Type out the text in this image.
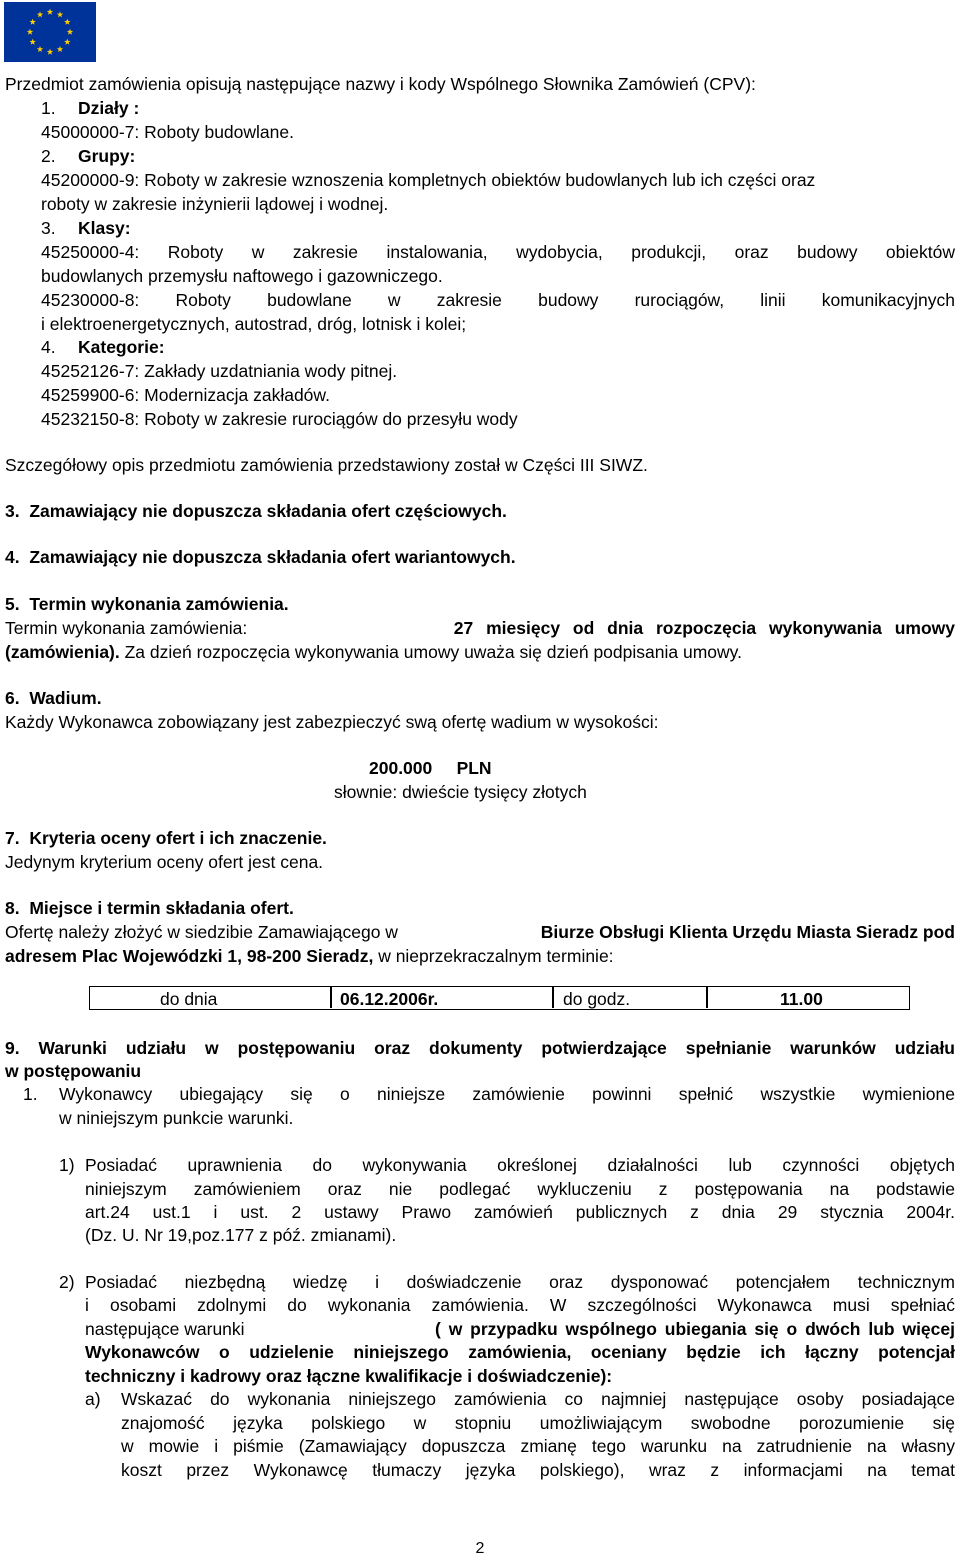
Przedmiot zamówienia opisują następujące nazwy i kody Wspólnego Słownika Zamówień (CPV):
1. Działy :
45000000-7: Roboty budowlane.
2. Grupy:
45200000-9: Roboty w zakresie wznoszenia kompletnych obiektów budowlanych lub ich części oraz
roboty w zakresie inżynierii lądowej i wodnej.
3. Klasy:
45250000-4: Roboty w zakresie instalowania, wydobycia, produkcji, oraz budowy obiektów
budowlanych przemysłu naftowego i gazowniczego.
45230000-8: Roboty budowlane w zakresie budowy rurociągów, linii komunikacyjnych
i elektroenergetycznych, autostrad, dróg, lotnisk i kolei;
4. Kategorie:
45252126-7: Zakłady uzdatniania wody pitnej.
45259900-6: Modernizacja zakładów.
45232150-8: Roboty w zakresie rurociągów do przesyłu wody
Szczegółowy opis przedmiotu zamówienia przedstawiony został w Części III SIWZ.
3.  Zamawiający nie dopuszcza składania ofert częściowych.
4.  Zamawiający nie dopuszcza składania ofert wariantowych.
5.  Termin wykonania zamówienia.
Termin wykonania zamówienia:	27 miesięcy od dnia rozpoczęcia wykonywania umowy
(zamówienia). Za dzień rozpoczęcia wykonywania umowy uważa się dzień podpisania umowy.
6.  Wadium.
Każdy Wykonawca zobowiązany jest zabezpieczyć swą ofertę wadium w wysokości:
200.000     PLN
słownie: dwieście tysięcy złotych
7.  Kryteria oceny ofert i ich znaczenie.
Jedynym kryterium oceny ofert jest cena.
8.  Miejsce i termin składania ofert.
Ofertę należy złożyć w siedzibie Zamawiającego w	Biurze Obsługi Klienta Urzędu Miasta Sieradz pod
adresem Plac Wojewódzki 1, 98-200 Sieradz, w nieprzekraczalnym terminie:
do dnia	06.12.2006r.	do godz.	11.00
9. Warunki udziału w postępowaniu oraz dokumenty potwierdzające spełnianie warunków udziału
w postępowaniu
1. Wykonawcy ubiegający się o niniejsze zamówienie powinni spełnić wszystkie wymienione
w niniejszym punkcie warunki.
1) Posiadać uprawnienia do wykonywania określonej działalności lub czynności objętych
niniejszym zamówieniem oraz nie podlegać wykluczeniu z postępowania na podstawie
art.24 ust.1 i ust. 2 ustawy Prawo zamówień publicznych z dnia 29 stycznia 2004r.
(Dz. U. Nr 19,poz.177 z póź. zmianami).
2) Posiadać niezbędną wiedzę i doświadczenie oraz dysponować potencjałem technicznym
i osobami zdolnymi do wykonania zamówienia. W szczególności Wykonawca musi spełniać
następujące warunki	( w przypadku wspólnego ubiegania się o dwóch lub więcej
Wykonawców o udzielenie niniejszego zamówienia, oceniany będzie ich łączny potencjał
techniczny i kadrowy oraz łączne kwalifikacje i doświadczenie):
a) Wskazać do wykonania niniejszego zamówienia co najmniej następujące osoby posiadające
znajomość języka polskiego w stopniu umożliwiającym swobodne porozumienie się
w mowie i piśmie (Zamawiający dopuszcza zmianę tego warunku na zatrudnienie na własny
koszt przez Wykonawcę tłumaczy języka polskiego), wraz z informacjami na temat
2
